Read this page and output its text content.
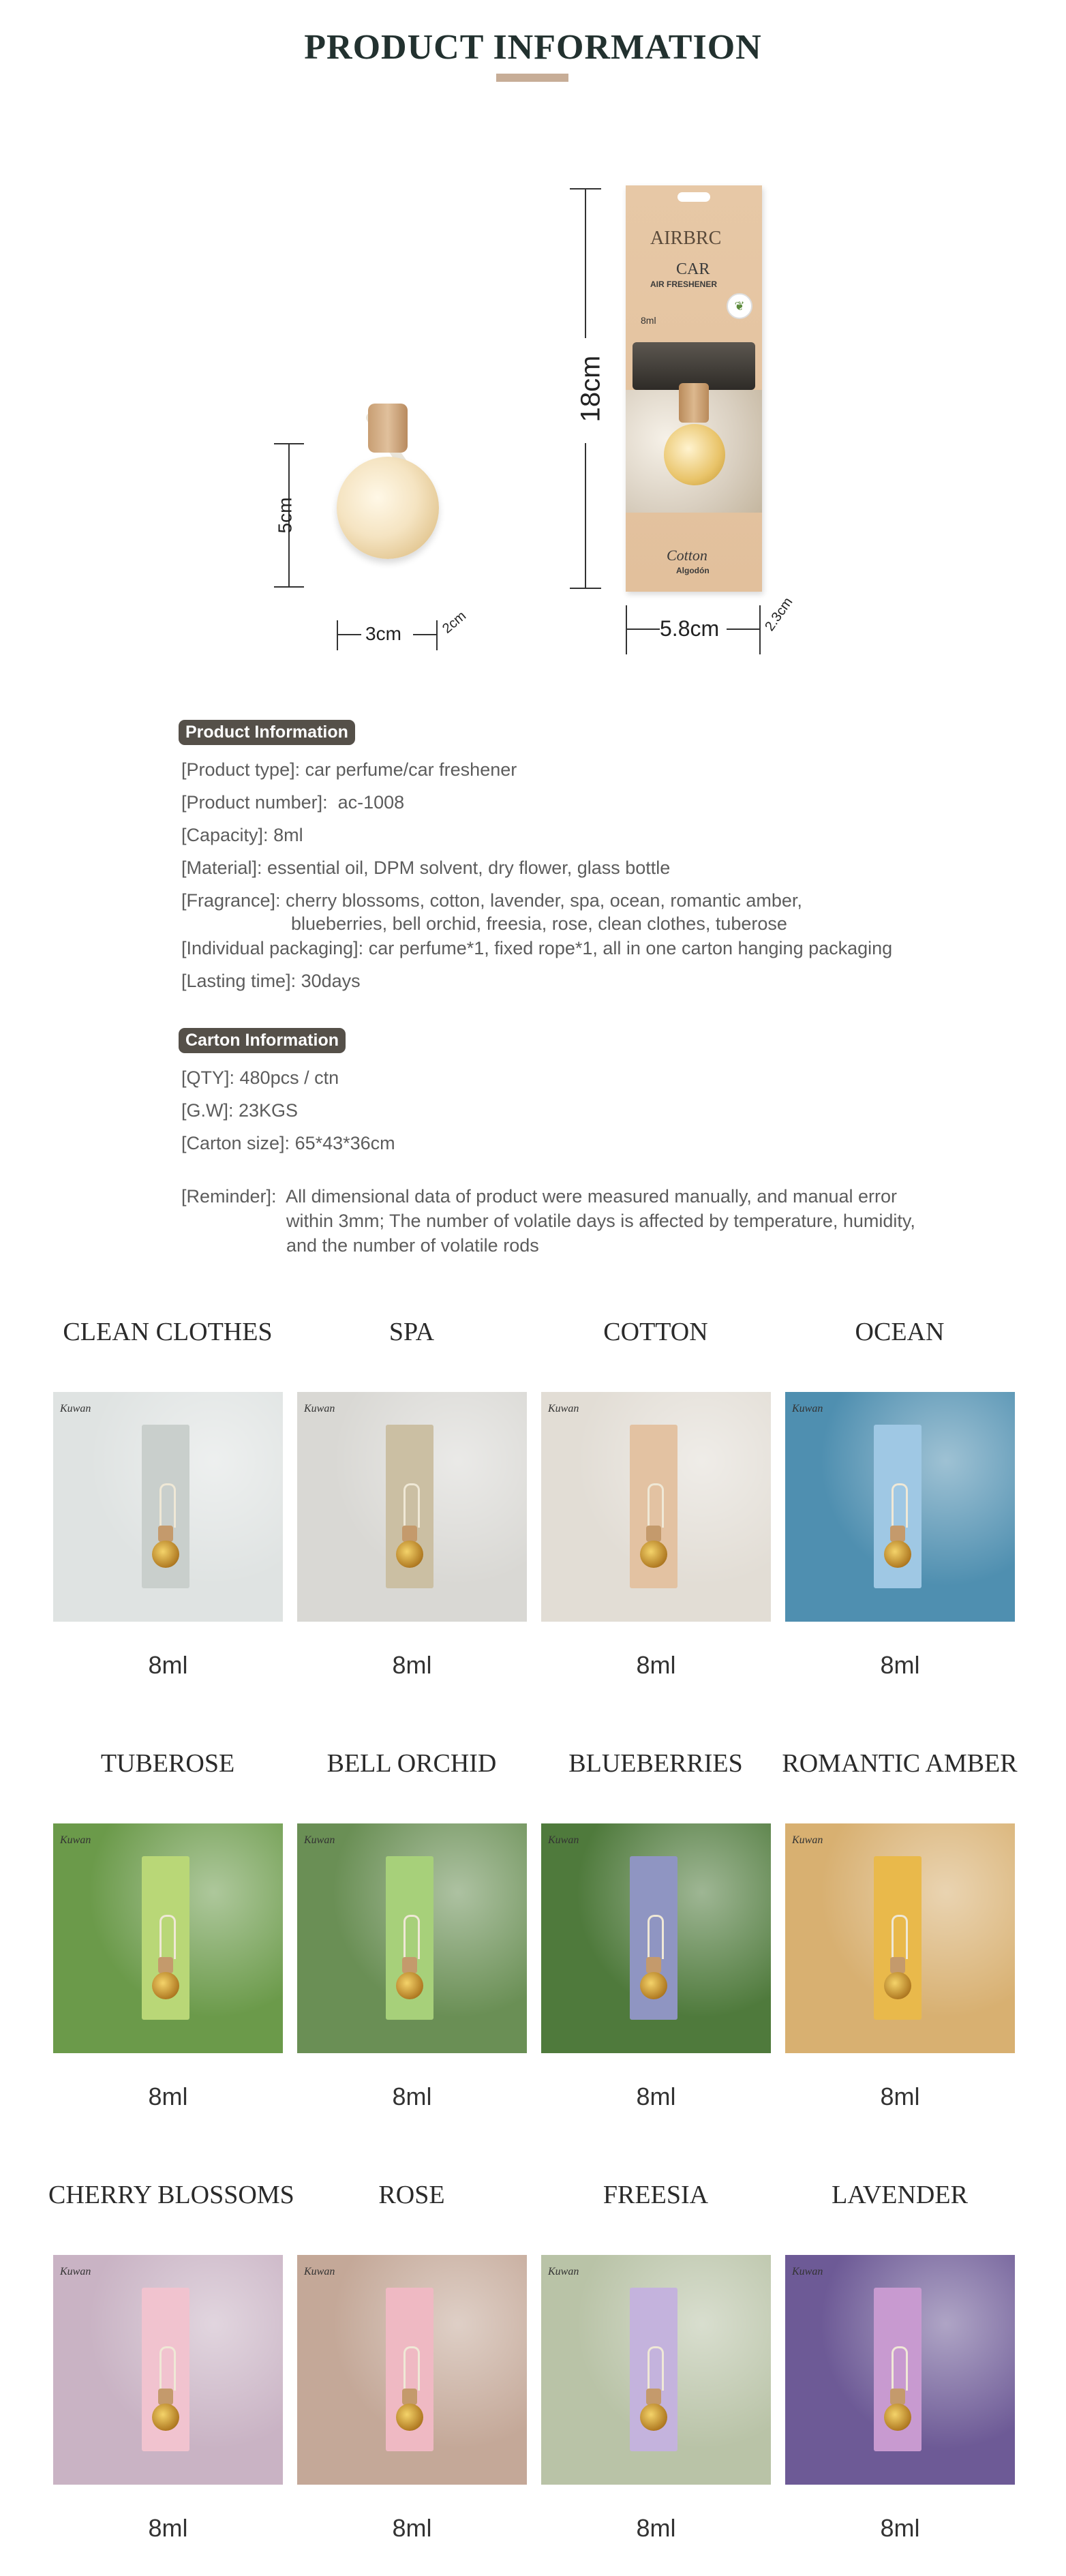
PRODUCT INFORMATION
5cm
3cm	2cm
AIRBRC
CAR
AIR FRESHENER
8ml
❦
Cotton
Algodón
18cm
5.8cm	2.3cm
Product Information
[Product type]: car perfume/car freshener
[Product number]:  ac-1008
[Capacity]: 8ml
[Material]: essential oil, DPM solvent, dry flower, glass bottle
[Fragrance]: cherry blossoms, cotton, lavender, spa, ocean, romantic amber,
blueberries, bell orchid, freesia, rose, clean clothes, tuberose
[Individual packaging]: car perfume*1, fixed rope*1, all in one carton hanging packaging
[Lasting time]: 30days
Carton Information
[QTY]: 480pcs / ctn
[G.W]: 23KGS
[Carton size]: 65*43*36cm
[Reminder]:  All dimensional data of product were measured manually, and manual error
within 3mm; The number of volatile days is affected by temperature, humidity,
and the number of volatile rods
CLEAN CLOTHES
Kuwan
8ml
SPA
Kuwan
8ml
COTTON
Kuwan
8ml
OCEAN
Kuwan
8ml
TUBEROSE
Kuwan
8ml
BELL ORCHID
Kuwan
8ml
BLUEBERRIES
Kuwan
8ml
ROMANTIC AMBER
Kuwan
8ml
CHERRY BLOSSOMS
Kuwan
8ml
ROSE
Kuwan
8ml
FREESIA
Kuwan
8ml
LAVENDER
Kuwan
8ml
